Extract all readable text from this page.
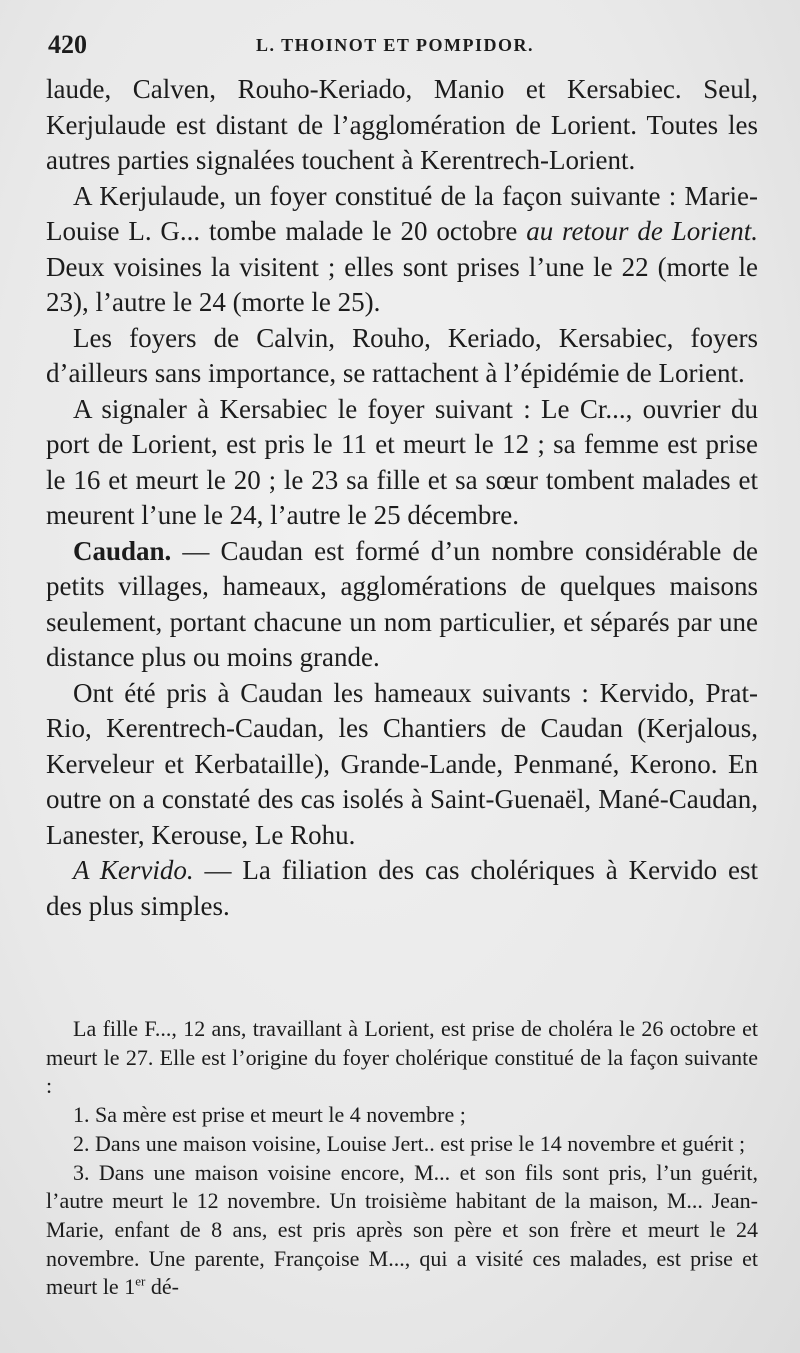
420	L. THOINOT ET POMPIDOR.

laude, Calven, Rouho-Keriado, Manio et Kersabiec. Seul, Kerjulaude est distant de l’agglomération de Lorient. Toutes les autres parties signalées touchent à Kerentrech-Lorient.

A Kerjulaude, un foyer constitué de la façon suivante : Marie-Louise L. G... tombe malade le 20 octobre au retour de Lorient. Deux voisines la visitent ; elles sont prises l’une le 22 (morte le 23), l’autre le 24 (morte le 25).

Les foyers de Calvin, Rouho, Keriado, Kersabiec, foyers d’ailleurs sans importance, se rattachent à l’épidémie de Lorient.

A signaler à Kersabiec le foyer suivant : Le Cr..., ouvrier du port de Lorient, est pris le 11 et meurt le 12 ; sa femme est prise le 16 et meurt le 20 ; le 23 sa fille et sa sœur tombent malades et meurent l’une le 24, l’autre le 25 décembre.

Caudan. — Caudan est formé d’un nombre considérable de petits villages, hameaux, agglomérations de quelques maisons seulement, portant chacune un nom particulier, et séparés par une distance plus ou moins grande.

Ont été pris à Caudan les hameaux suivants : Kervido, Prat-Rio, Kerentrech-Caudan, les Chantiers de Caudan (Kerjalous, Kerveleur et Kerbataille), Grande-Lande, Penmané, Kerono. En outre on a constaté des cas isolés à Saint-Guenaël, Mané-Caudan, Lanester, Kerouse, Le Rohu.

A Kervido. — La filiation des cas cholériques à Kervido est des plus simples.

La fille F..., 12 ans, travaillant à Lorient, est prise de choléra le 26 octobre et meurt le 27. Elle est l’origine du foyer cholérique constitué de la façon suivante :

1. Sa mère est prise et meurt le 4 novembre ;

2. Dans une maison voisine, Louise Jert.. est prise le 14 novembre et guérit ;

3. Dans une maison voisine encore, M... et son fils sont pris, l’un guérit, l’autre meurt le 12 novembre. Un troisième habitant de la maison, M... Jean-Marie, enfant de 8 ans, est pris après son père et son frère et meurt le 24 novembre. Une parente, Françoise M..., qui a visité ces malades, est prise et meurt le 1er dé-
